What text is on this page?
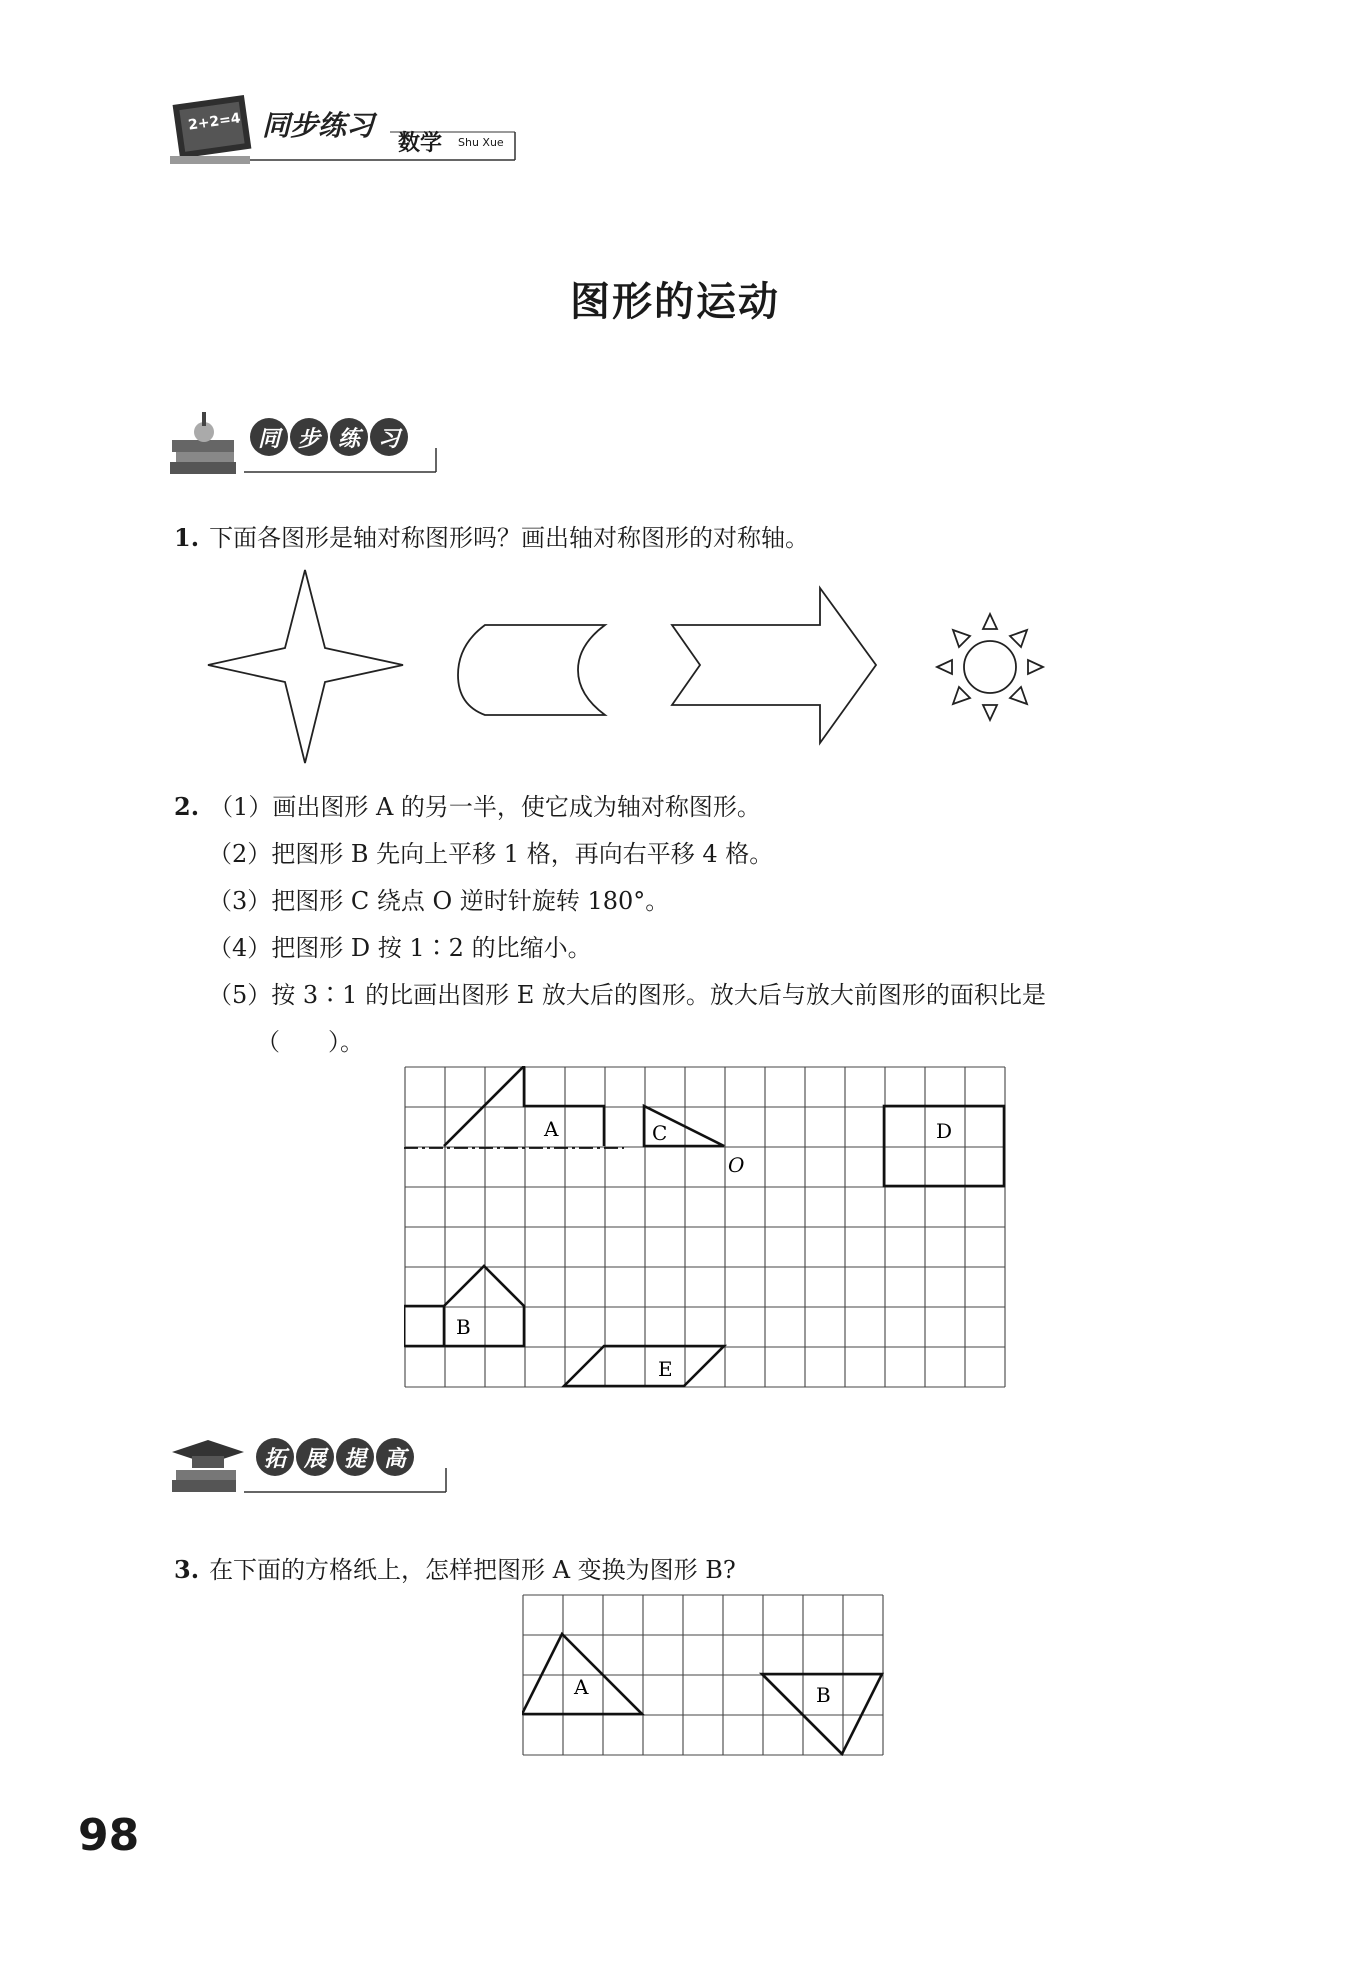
2+2=4 同步练习
数学 Shu Xue
图形的运动
同 步 练 习
1. 下面各图形是轴对称图形吗？画出轴对称图形的对称轴。
2. （1）画出图形 A 的另一半，使它成为轴对称图形。
（2）把图形 B 先向上平移 1 格，再向右平移 4 格。
（3）把图形 C 绕点 O 逆时针旋转 180°。
（4）把图形 D 按 1∶2 的比缩小。
（5）按 3∶1 的比画出图形 E 放大后的图形。放大后与放大前图形的面积比是
（　　）。
A	C
O
D
B
E
拓 展 提 高
3. 在下面的方格纸上，怎样把图形 A 变换为图形 B?
A	B
98
